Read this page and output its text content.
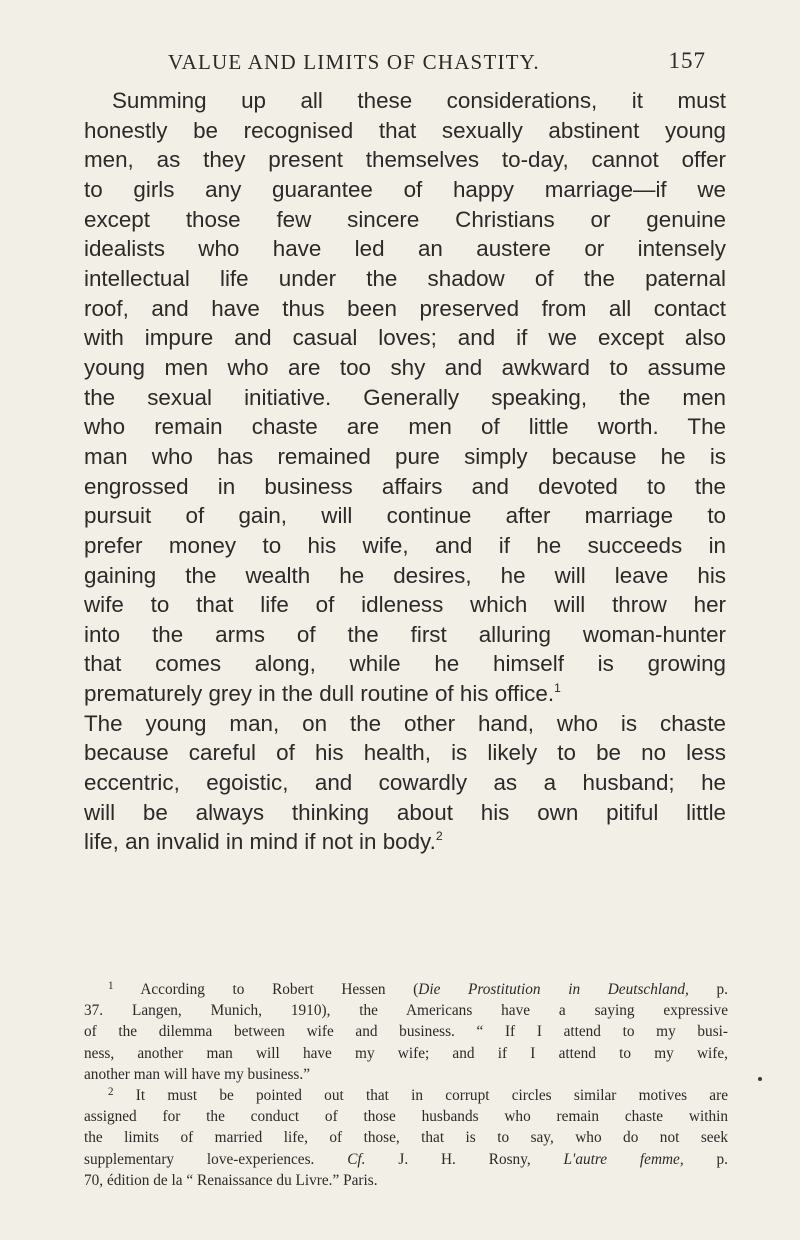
VALUE AND LIMITS OF CHASTITY.	157
Summing up all these considerations, it must
honestly be recognised that sexually abstinent young
men, as they present themselves to-day, cannot offer
to girls any guarantee of happy marriage—if we
except those few sincere Christians or genuine
idealists who have led an austere or intensely
intellectual life under the shadow of the paternal
roof, and have thus been preserved from all contact
with impure and casual loves; and if we except also
young men who are too shy and awkward to assume
the sexual initiative. Generally speaking, the men
who remain chaste are men of little worth. The
man who has remained pure simply because he is
engrossed in business affairs and devoted to the
pursuit of gain, will continue after marriage to
prefer money to his wife, and if he succeeds in
gaining the wealth he desires, he will leave his
wife to that life of idleness which will throw her
into the arms of the first alluring woman-hunter
that comes along, while he himself is growing
prematurely grey in the dull routine of his office.$^1$
The young man, on the other hand, who is chaste
because careful of his health, is likely to be no less
eccentric, egoistic, and cowardly as a husband; he
will be always thinking about his own pitiful little
life, an invalid in mind if not in body.$^2$
$^1$ According to Robert Hessen (Die Prostitution in Deutschland, p.
37. Langen, Munich, 1910), the Americans have a saying expressive
of the dilemma between wife and business. “ If I attend to my busi-
ness, another man will have my wife; and if I attend to my wife,
another man will have my business.”
$^2$ It must be pointed out that in corrupt circles similar motives are
assigned for the conduct of those husbands who remain chaste within
the limits of married life, of those, that is to say, who do not seek
supplementary love-experiences. Cf. J. H. Rosny, L'autre femme, p.
70, édition de la “ Renaissance du Livre.” Paris.
